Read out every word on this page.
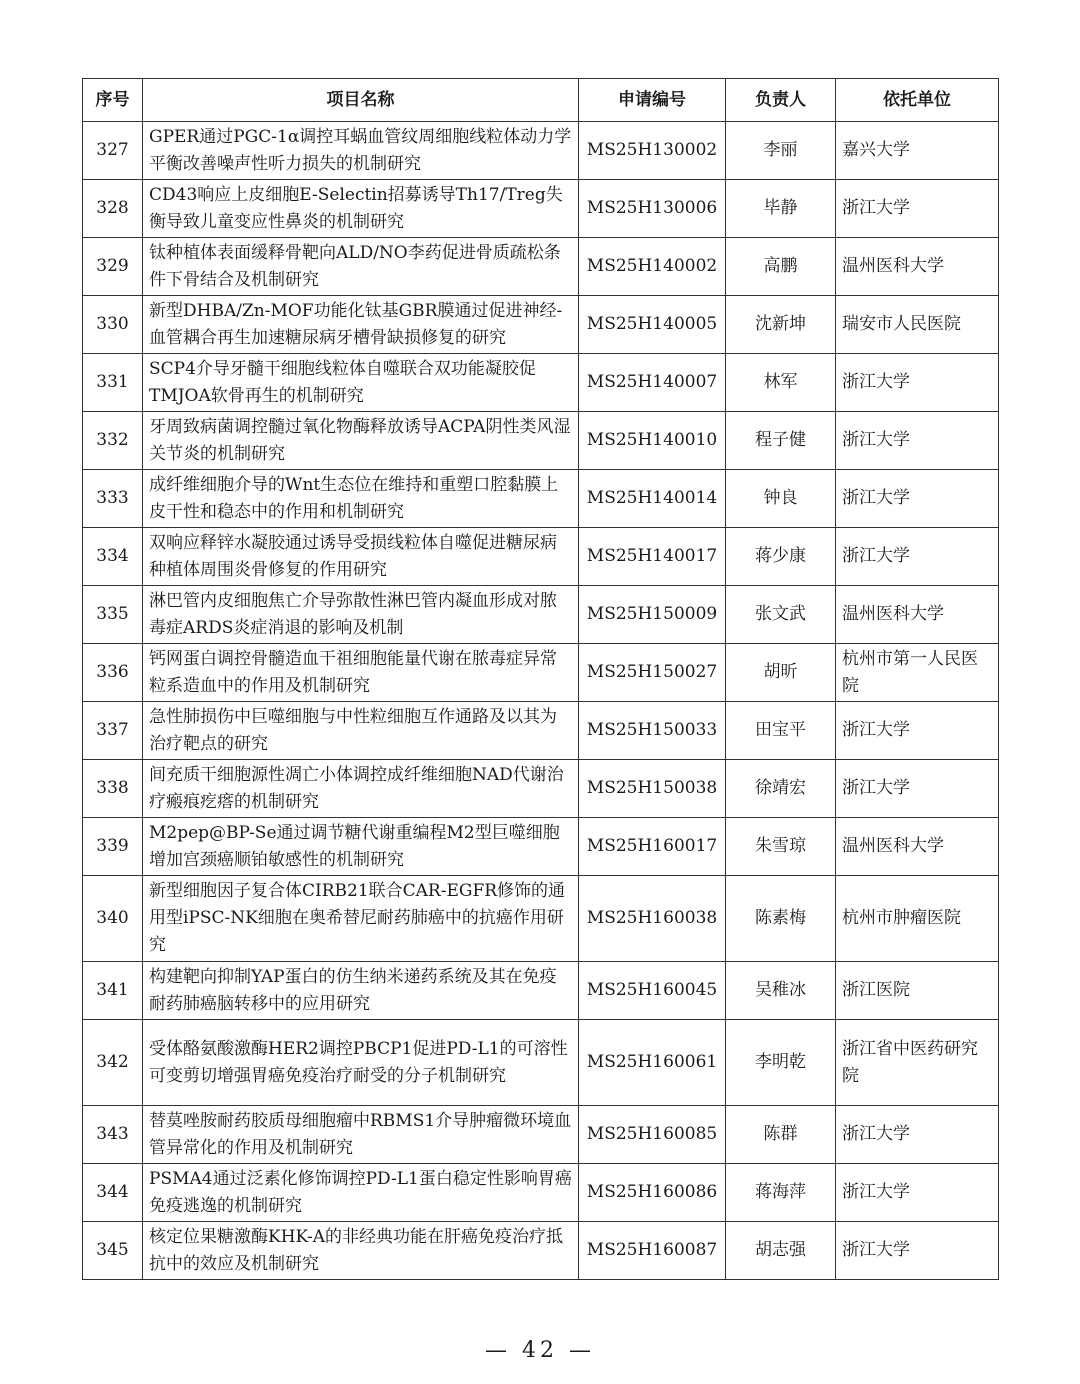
序号	项目名称	申请编号	负责人	依托单位
327	GPER通过PGC-1α调控耳蜗血管纹周细胞线粒体动力学平衡改善噪声性听力损失的机制研究	MS25H130002	李丽	嘉兴大学
328	CD43响应上皮细胞E-Selectin招募诱导Th17/Treg失衡导致儿童变应性鼻炎的机制研究	MS25H130006	毕静	浙江大学
329	钛种植体表面缓释骨靶向ALD/NO李药促进骨质疏松条件下骨结合及机制研究	MS25H140002	高鹏	温州医科大学
330	新型DHBA/Zn-MOF功能化钛基GBR膜通过促进神经-血管耦合再生加速糖尿病牙槽骨缺损修复的研究	MS25H140005	沈新坤	瑞安市人民医院
331	SCP4介导牙髓干细胞线粒体自噬联合双功能凝胶促TMJOA软骨再生的机制研究	MS25H140007	林军	浙江大学
332	牙周致病菌调控髓过氧化物酶释放诱导ACPA阴性类风湿关节炎的机制研究	MS25H140010	程子健	浙江大学
333	成纤维细胞介导的Wnt生态位在维持和重塑口腔黏膜上皮干性和稳态中的作用和机制研究	MS25H140014	钟良	浙江大学
334	双响应释锌水凝胶通过诱导受损线粒体自噬促进糖尿病种植体周围炎骨修复的作用研究	MS25H140017	蒋少康	浙江大学
335	淋巴管内皮细胞焦亡介导弥散性淋巴管内凝血形成对脓毒症ARDS炎症消退的影响及机制	MS25H150009	张文武	温州医科大学
336	钙网蛋白调控骨髓造血干祖细胞能量代谢在脓毒症异常粒系造血中的作用及机制研究	MS25H150027	胡昕	杭州市第一人民医院
337	急性肺损伤中巨噬细胞与中性粒细胞互作通路及以其为治疗靶点的研究	MS25H150033	田宝平	浙江大学
338	间充质干细胞源性凋亡小体调控成纤维细胞NAD代谢治疗瘢痕疙瘩的机制研究	MS25H150038	徐靖宏	浙江大学
339	M2pep@BP-Se通过调节糖代谢重编程M2型巨噬细胞增加宫颈癌顺铂敏感性的机制研究	MS25H160017	朱雪琼	温州医科大学
340	新型细胞因子复合体CIRB21联合CAR-EGFR修饰的通用型iPSC-NK细胞在奥希替尼耐药肺癌中的抗癌作用研究	MS25H160038	陈素梅	杭州市肿瘤医院
341	构建靶向抑制YAP蛋白的仿生纳米递药系统及其在免疫耐药肺癌脑转移中的应用研究	MS25H160045	吴稚冰	浙江医院
342	受体酪氨酸激酶HER2调控PBCP1促进PD-L1的可溶性可变剪切增强胃癌免疫治疗耐受的分子机制研究	MS25H160061	李明乾	浙江省中医药研究院
343	替莫唑胺耐药胶质母细胞瘤中RBMS1介导肿瘤微环境血管异常化的作用及机制研究	MS25H160085	陈群	浙江大学
344	PSMA4通过泛素化修饰调控PD-L1蛋白稳定性影响胃癌免疫逃逸的机制研究	MS25H160086	蒋海萍	浙江大学
345	核定位果糖激酶KHK-A的非经典功能在肝癌免疫治疗抵抗中的效应及机制研究	MS25H160087	胡志强	浙江大学
— 42 —
